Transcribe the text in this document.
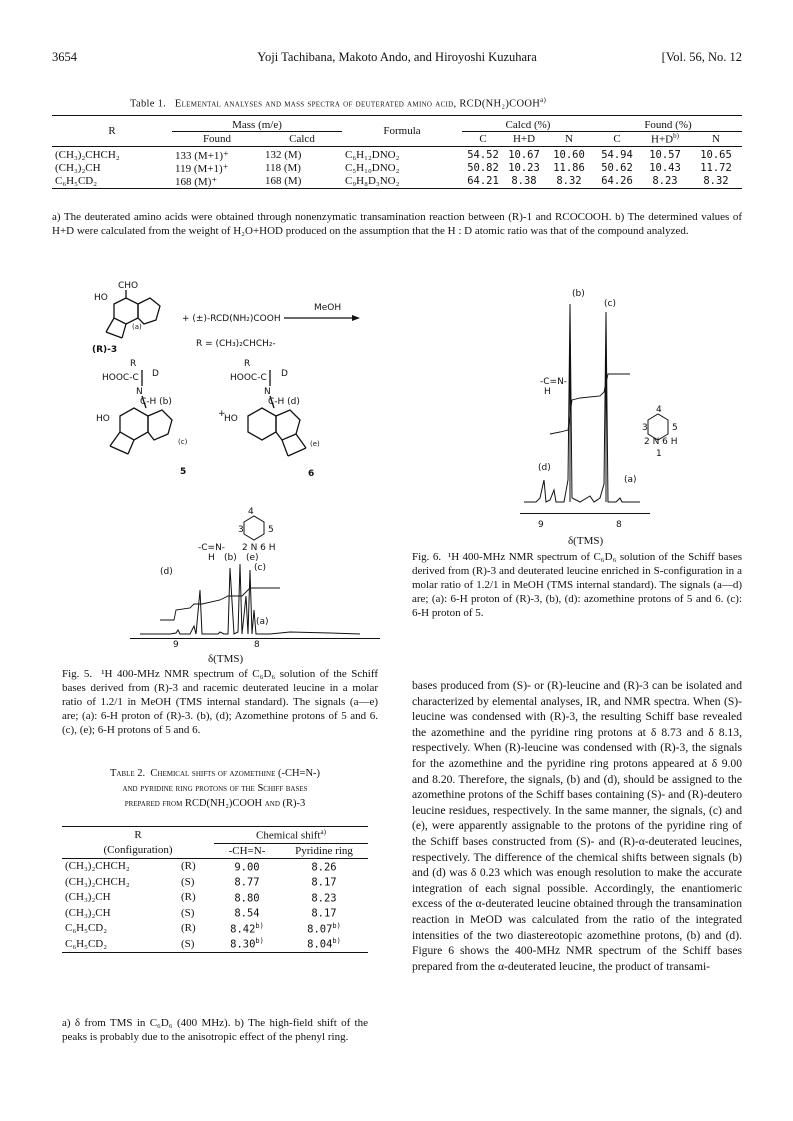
3654	Yoji Tachibana, Makoto Ando, and Hiroyoshi Kuzuhara	[Vol. 56, No. 12
Table 1. Elemental analyses and mass spectra of deuterated amino acid, RCD(NH₂)COOH$^{a)}$
R	Mass (m/e)		Formula	Calcd (%)			Found (%)		
	Found	Calcd		C	H+D	N	C	$H+D^{b)}$	N
(CH₃)₂CHCH₂	133 (M+1)⁺	132 (M)	C₆H₁₂DNO₂	54.52	10.67	10.60	54.94	10.57	10.65
(CH₃)₂CH	119 (M+1)⁺	118 (M)	C₅H₁₀DNO₂	50.82	10.23	11.86	50.62	10.43	11.72
C₆H₅CD₂	168 (M)⁺	168 (M)	C₉H₈D₃NO₂	64.21	8.38	8.32	64.26	8.23	8.32
a) The deuterated amino acids were obtained through nonenzymatic transamination reaction between (R)-1 and RCOCOOH. b) The determined values of H+D were calculated from the weight of H₂O+HOD produced on the assumption that the H : D atomic ratio was that of the compound analyzed.
CHO
HO
(R)-3
(a)
+ (±)-RCD(NH₂)COOH
MeOH
R = (CH₃)₂CHCH₂-
R	R
HOOC-C D	HOOC-C D
N	N
C-H (b)	C-H (d)
+
HO	HO
(c)	(e)
5	6
-C=N-
H (b) (e)
(c)
(d)
(a)
2 N 6 H
4
3	5
9	8
δ(TMS)
Fig. 5. ¹H 400-MHz NMR spectrum of C₆D₆ solution of the Schiff bases derived from (R)-3 and racemic deuterated leucine in a molar ratio of 1.2/1 in MeOH (TMS internal standard). The signals (a—e) are; (a): 6-H proton of (R)-3. (b), (d); Azomethine protons of 5 and 6. (c), (e); 6-H protons of 5 and 6.
Table 2. Chemical shifts of azomethine (-CH=N-)
and pyridine ring protons of the Schiff bases
prepared from RCD(NH₂)COOH and (R)-3
R		Chemical shift$^{a)}$
(Configuration)		-CH=N-	Pyridine ring
(CH₃)₂CHCH₂	(R)	9.00	8.26
(CH₃)₂CHCH₂	(S)	8.77	8.17
(CH₃)₂CH	(R)	8.80	8.23
(CH₃)₂CH	(S)	8.54	8.17
C₆H₅CD₂	(R)	8.42$^{b)}$	8.07$^{b)}$
C₆H₅CD₂	(S)	8.30$^{b)}$	8.04$^{b)}$
a) δ from TMS in C₆D₆ (400 MHz). b) The high-field shift of the peaks is probably due to the anisotropic effect of the phenyl ring.
(b)
(c)
-C=N-
H
(d)
(a)
4
3	5
2 N 6 H
1
9	8
δ(TMS)
Fig. 6. ¹H 400-MHz NMR spectrum of C₆D₆ solution of the Schiff bases derived from (R)-3 and deuterated leucine enriched in S-configuration in a molar ratio of 1.2/1 in MeOH (TMS internal standard). The signals (a—d) are; (a): 6-H proton of (R)-3, (b), (d): azomethine protons of 5 and 6. (c): 6-H proton of 5.
bases produced from (S)- or (R)-leucine and (R)-3 can be isolated and characterized by elemental analyses, IR, and NMR spectra. When (S)-leucine was condensed with (R)-3, the resulting Schiff base revealed the azomethine and the pyridine ring protons at δ 8.73 and δ 8.13, respectively. When (R)-leucine was condensed with (R)-3, the signals for the azomethine and the pyridine ring protons appeared at δ 9.00 and 8.20. Therefore, the signals, (b) and (d), should be assigned to the azomethine protons of the Schiff bases containing (S)- and (R)-deutero leucine residues, respectively. In the same manner, the signals, (c) and (e), were apparently assignable to the protons of the pyridine ring of the Schiff bases constructed from (S)- and (R)-α-deuterated leucines, respectively. The difference of the chemical shifts between signals (b) and (d) was δ 0.23 which was enough resolution to make the accurate integration of each signal possible. Accordingly, the enantiomeric excess of the α-deuterated leucine obtained through the transamination reaction in MeOD was calculated from the ratio of the integrated intensities of the two diastereotopic azomethine protons, (b) and (d). Figure 6 shows the 400-MHz NMR spectrum of the Schiff bases prepared from the α-deuterated leucine, the product of transami-
